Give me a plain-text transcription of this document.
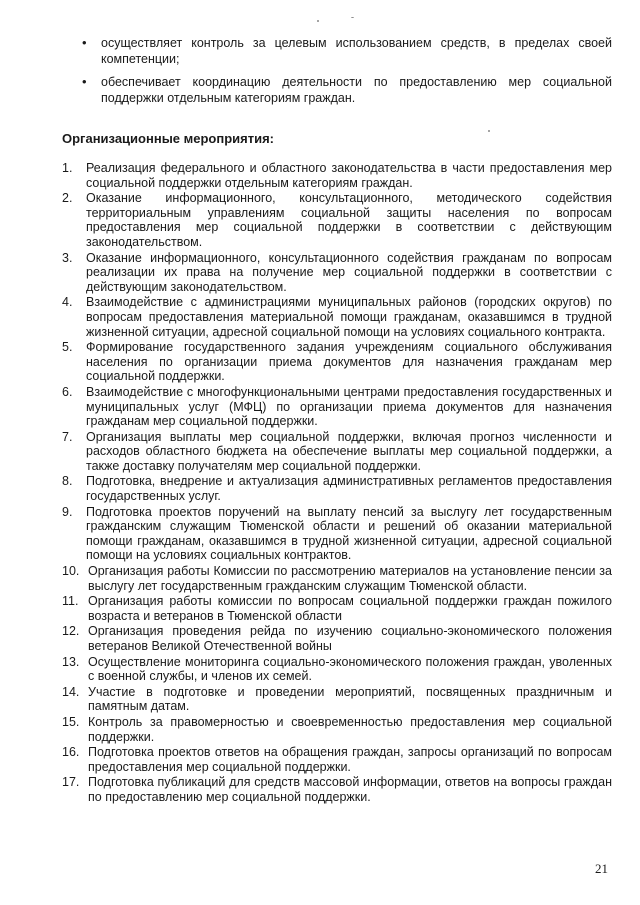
• осуществляет контроль за целевым использованием средств, в пределах своей компетенции;
• обеспечивает координацию деятельности по предоставлению мер социальной поддержки отдельным категориям граждан.
Организационные мероприятия:
1. Реализация федерального и областного законодательства в части предоставления мер социальной поддержки отдельным категориям граждан.
2. Оказание информационного, консультационного, методического содействия территориальным управлениям социальной защиты населения по вопросам предоставления мер социальной поддержки в соответствии с действующим законодательством.
3. Оказание информационного, консультационного содействия гражданам по вопросам реализации их права на получение мер социальной поддержки в соответствии с действующим законодательством.
4. Взаимодействие с администрациями муниципальных районов (городских округов) по вопросам предоставления материальной помощи гражданам, оказавшимся в трудной жизненной ситуации, адресной социальной помощи на условиях социального контракта.
5. Формирование государственного задания учреждениям социального обслуживания населения по организации приема документов для назначения гражданам мер социальной поддержки.
6. Взаимодействие с многофункциональными центрами предоставления государственных и муниципальных услуг (МФЦ) по организации приема документов для назначения гражданам мер социальной поддержки.
7. Организация выплаты мер социальной поддержки, включая прогноз численности и расходов областного бюджета на обеспечение выплаты мер социальной поддержки, а также доставку получателям мер социальной поддержки.
8. Подготовка, внедрение и актуализация административных регламентов предоставления государственных услуг.
9. Подготовка проектов поручений на выплату пенсий за выслугу лет государственным гражданским служащим Тюменской области и решений об оказании материальной помощи гражданам, оказавшимся в трудной жизненной ситуации, адресной социальной помощи на условиях социальных контрактов.
10. Организация работы Комиссии по рассмотрению материалов на установление пенсии за выслугу лет государственным гражданским служащим Тюменской области.
11. Организация работы комиссии по вопросам социальной поддержки граждан пожилого возраста и ветеранов в Тюменской области
12. Организация проведения рейда по изучению социально-экономического положения ветеранов Великой Отечественной войны
13. Осуществление мониторинга социально-экономического положения граждан, уволенных с военной службы, и членов их семей.
14. Участие в подготовке и проведении мероприятий, посвященных праздничным и памятным датам.
15. Контроль за правомерностью и своевременностью предоставления мер социальной поддержки.
16. Подготовка проектов ответов на обращения граждан, запросы организаций по вопросам предоставления мер социальной поддержки.
17. Подготовка публикаций для средств массовой информации, ответов на вопросы граждан по предоставлению мер социальной поддержки.
21
